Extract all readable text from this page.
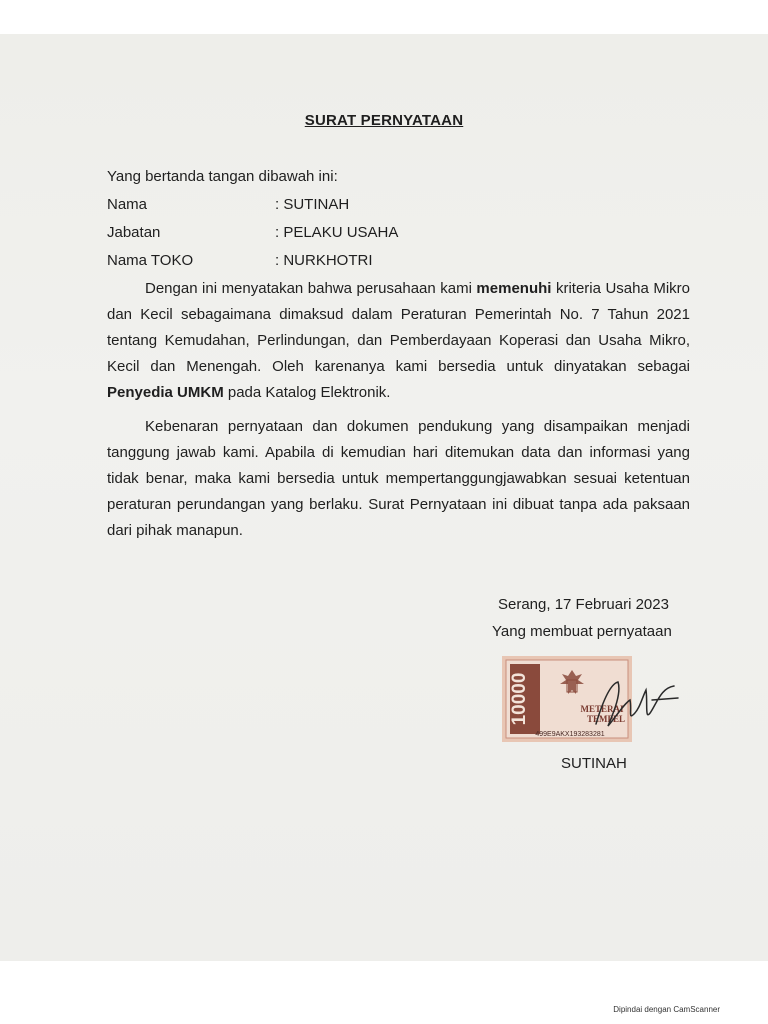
SURAT PERNYATAAN
Yang bertanda tangan dibawah ini:
Nama	: SUTINAH
Jabatan	: PELAKU USAHA
Nama TOKO	: NURKHOTRI
Dengan ini menyatakan bahwa perusahaan kami memenuhi kriteria Usaha Mikro dan Kecil sebagaimana dimaksud dalam Peraturan Pemerintah No. 7 Tahun 2021 tentang Kemudahan, Perlindungan, dan Pemberdayaan Koperasi dan Usaha Mikro, Kecil dan Menengah. Oleh karenanya kami bersedia untuk dinyatakan sebagai Penyedia UMKM pada Katalog Elektronik.
Kebenaran pernyataan dan dokumen pendukung yang disampaikan menjadi tanggung jawab kami. Apabila di kemudian hari ditemukan data dan informasi yang tidak benar, maka kami bersedia untuk mempertanggungjawabkan sesuai ketentuan peraturan perundangan yang berlaku. Surat Pernyataan ini dibuat tanpa ada paksaan dari pihak manapun.
Serang, 17 Februari 2023
Yang membuat pernyataan
10000	METERAI
TEMPEL
499E9AKX193283281
SUTINAH
Dipindai dengan CamScanner
